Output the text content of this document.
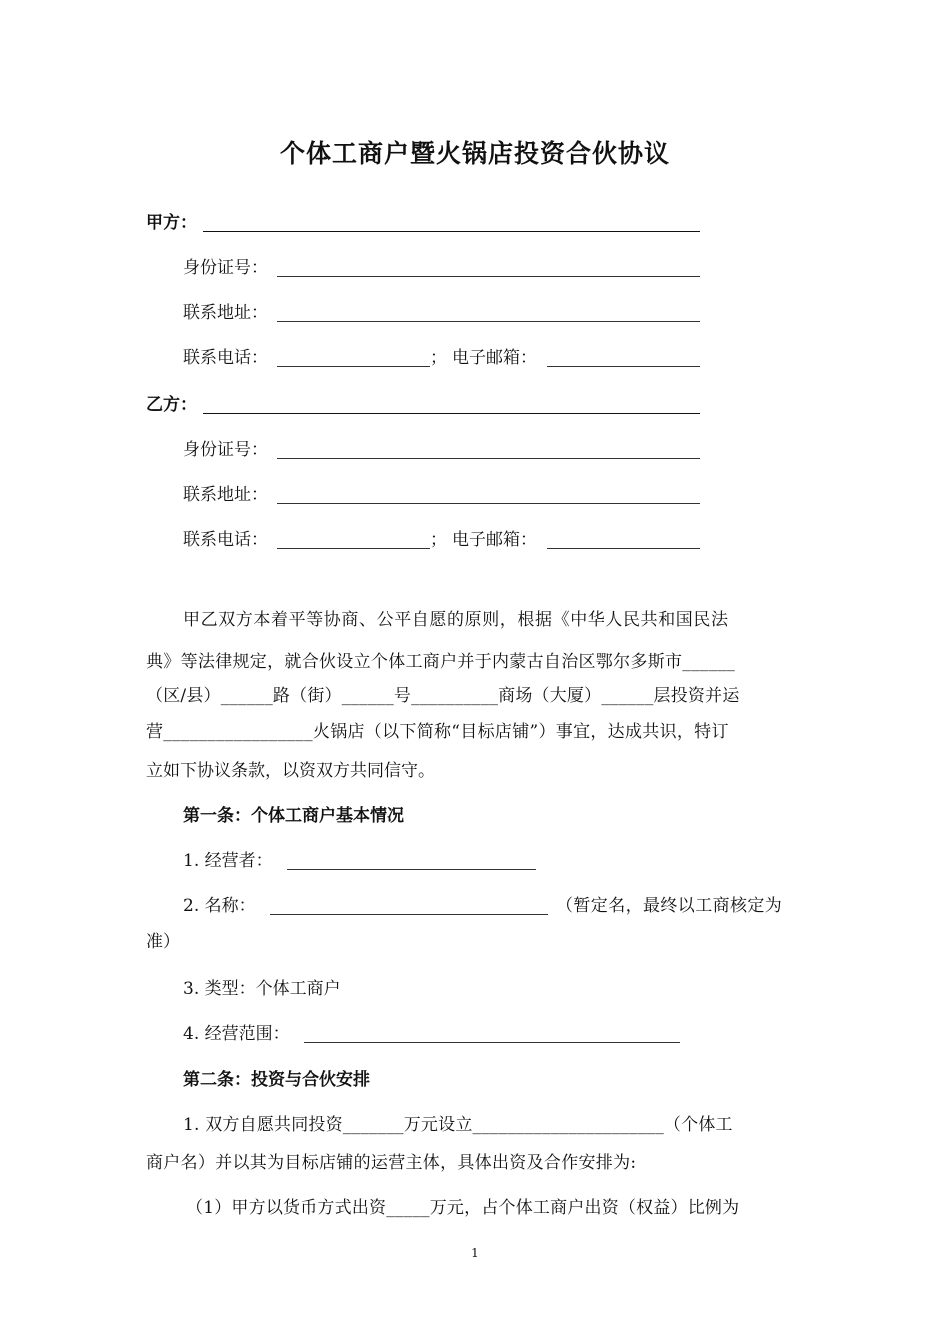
个体工商户暨火锅店投资合伙协议
甲方：
身份证号：
联系地址：
联系电话：	； 电子邮箱：
乙方：
身份证号：
联系地址：
联系电话：	； 电子邮箱：
甲乙双方本着平等协商、公平自愿的原则，根据《中华人民共和国民法
典》等法律规定，就合伙设立个体工商户并于内蒙古自治区鄂尔多斯市______
（区/县）______路（街）______号__________商场（大厦）______层投资并运
营_________________火锅店（以下简称“目标店铺”）事宜，达成共识，特订
立如下协议条款，以资双方共同信守。
第一条：个体工商户基本情况
1. 经营者：
2. 名称：	（暂定名，最终以工商核定为
准）
3. 类型：个体工商户
4. 经营范围：
第二条：投资与合伙安排
1. 双方自愿共同投资_______万元设立______________________（个体工
商户名）并以其为目标店铺的运营主体，具体出资及合作安排为:
（1）甲方以货币方式出资_____万元，占个体工商户出资（权益）比例为
1
